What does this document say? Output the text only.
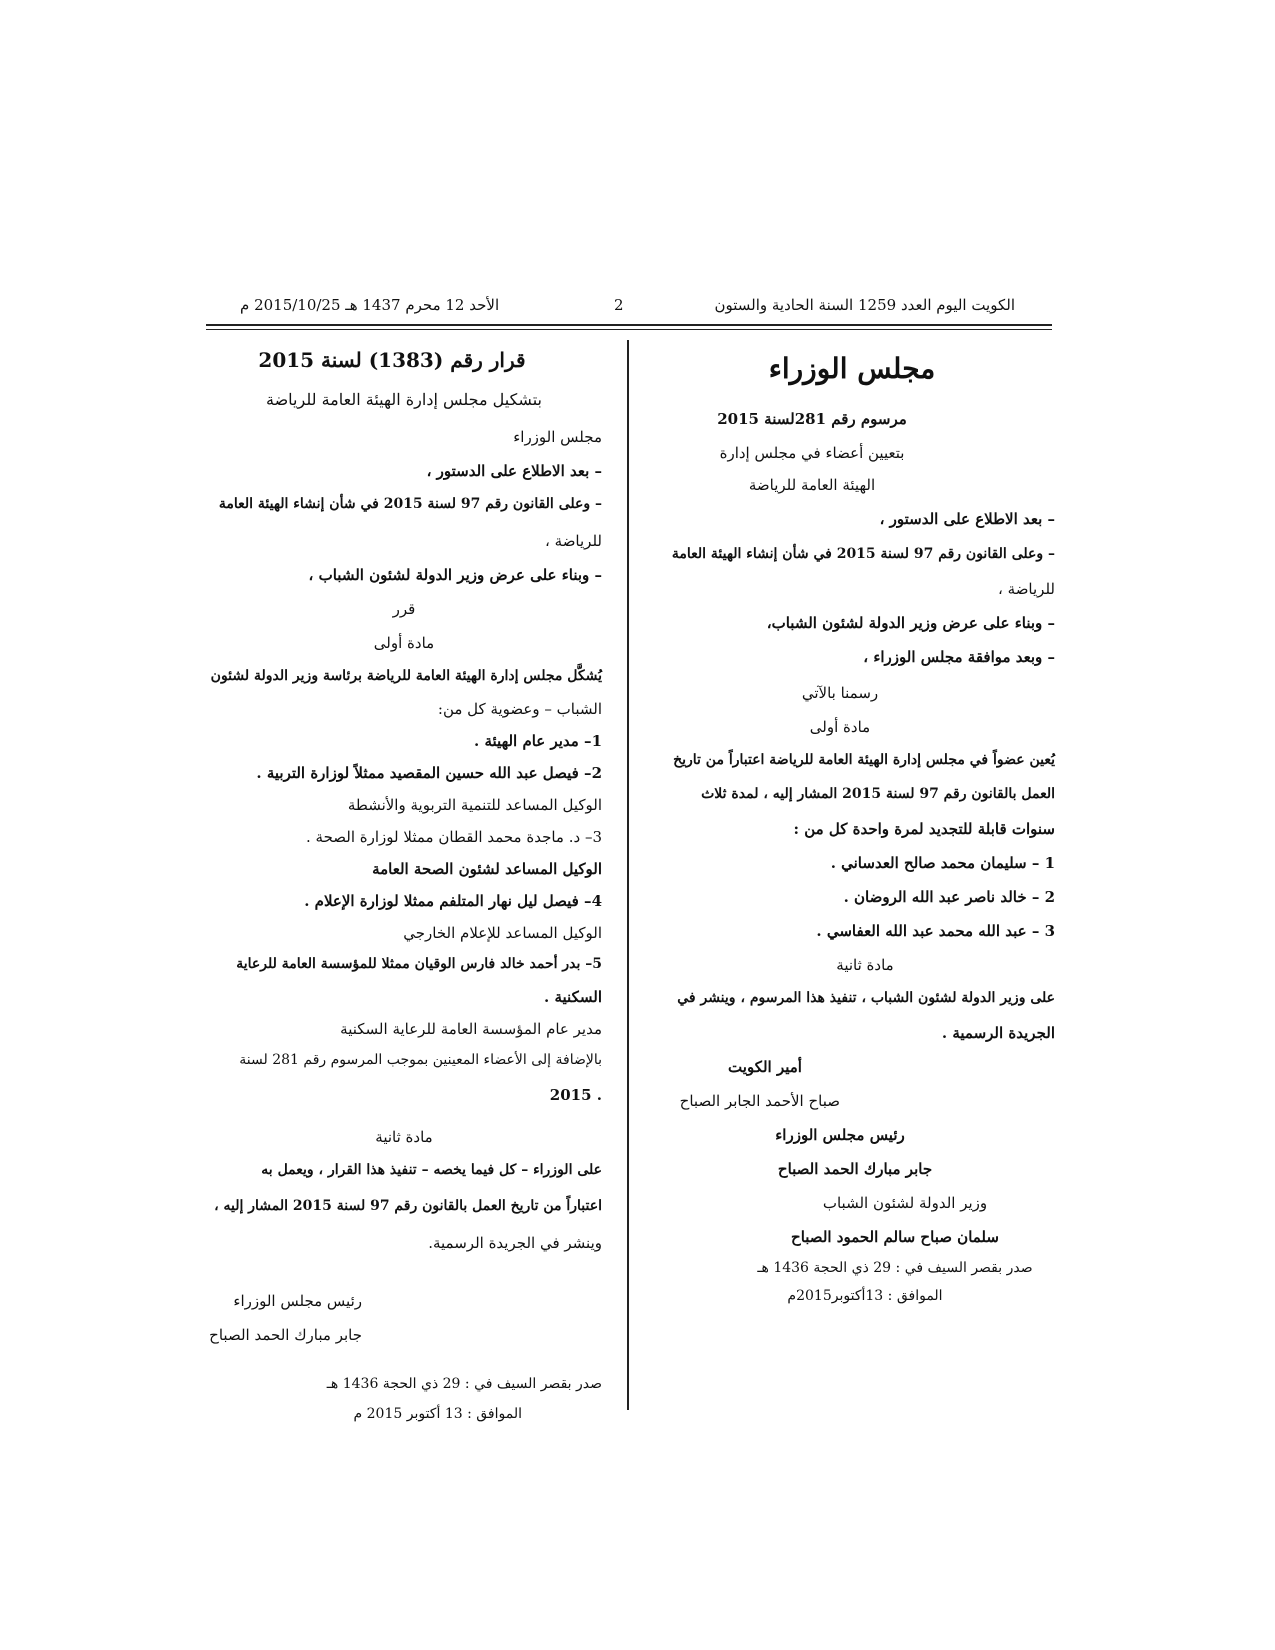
الكويت اليوم العدد 1259 السنة الحادية والستون
2
الأحد 12 محرم 1437 هـ 2015/10/25 م
مجلس الوزراء
مرسوم رقم 281لسنة 2015
بتعيين أعضاء في مجلس إدارة
الهيئة العامة للرياضة
– بعد الاطلاع على الدستور ،
– وعلى القانون رقم 97 لسنة 2015 في شأن إنشاء الهيئة العامة
للرياضة ،
– وبناء على عرض وزير الدولة لشئون الشباب،
– وبعد موافقة مجلس الوزراء ،
رسمنا بالآتي
مادة أولى
يُعين عضواً في مجلس إدارة الهيئة العامة للرياضة اعتباراً من تاريخ
العمل بالقانون رقم 97 لسنة 2015 المشار إليه ، لمدة ثلاث
سنوات قابلة للتجديد لمرة واحدة كل من :
1 – سليمان محمد صالح العدساني .
2 – خالد ناصر عبد الله الروضان .
3 – عبد الله محمد عبد الله العفاسي .
مادة ثانية
على وزير الدولة لشئون الشباب ، تنفيذ هذا المرسوم ، وينشر في
الجريدة الرسمية .
أمير الكويت
صباح الأحمد الجابر الصباح
رئيس مجلس الوزراء
جابر مبارك الحمد الصباح
وزير الدولة لشئون الشباب
سلمان صباح سالم الحمود الصباح
صدر بقصر السيف في : 29 ذي الحجة 1436 هـ
الموافق : 13أكتوبر2015م
قرار رقم (1383) لسنة 2015
بتشكيل مجلس إدارة الهيئة العامة للرياضة
مجلس الوزراء
– بعد الاطلاع على الدستور ،
– وعلى القانون رقم 97 لسنة 2015 في شأن إنشاء الهيئة العامة
للرياضة ،
– وبناء على عرض وزير الدولة لشئون الشباب ،
قرر
مادة أولى
يُشكَّل مجلس إدارة الهيئة العامة للرياضة برئاسة وزير الدولة لشئون
الشباب – وعضوية كل من:
1– مدير عام الهيئة .
2– فيصل عبد الله حسين المقصيد ممثلاً لوزارة التربية .
الوكيل المساعد للتنمية التربوية والأنشطة
3– د. ماجدة محمد القطان ممثلا لوزارة الصحة .
الوكيل المساعد لشئون الصحة العامة
4– فيصل ليل نهار المتلفم ممثلا لوزارة الإعلام .
الوكيل المساعد للإعلام الخارجي
5– بدر أحمد خالد فارس الوقيان ممثلا للمؤسسة العامة للرعاية
السكنية .
مدير عام المؤسسة العامة للرعاية السكنية
بالإضافة إلى الأعضاء المعينين بموجب المرسوم رقم 281 لسنة
. 2015
مادة ثانية
على الوزراء – كل فيما يخصه – تنفيذ هذا القرار ، ويعمل به
اعتباراً من تاريخ العمل بالقانون رقم 97 لسنة 2015 المشار إليه ،
وينشر في الجريدة الرسمية.
رئيس مجلس الوزراء
جابر مبارك الحمد الصباح
صدر بقصر السيف في : 29 ذي الحجة 1436 هـ
الموافق : 13 أكتوبر 2015 م
